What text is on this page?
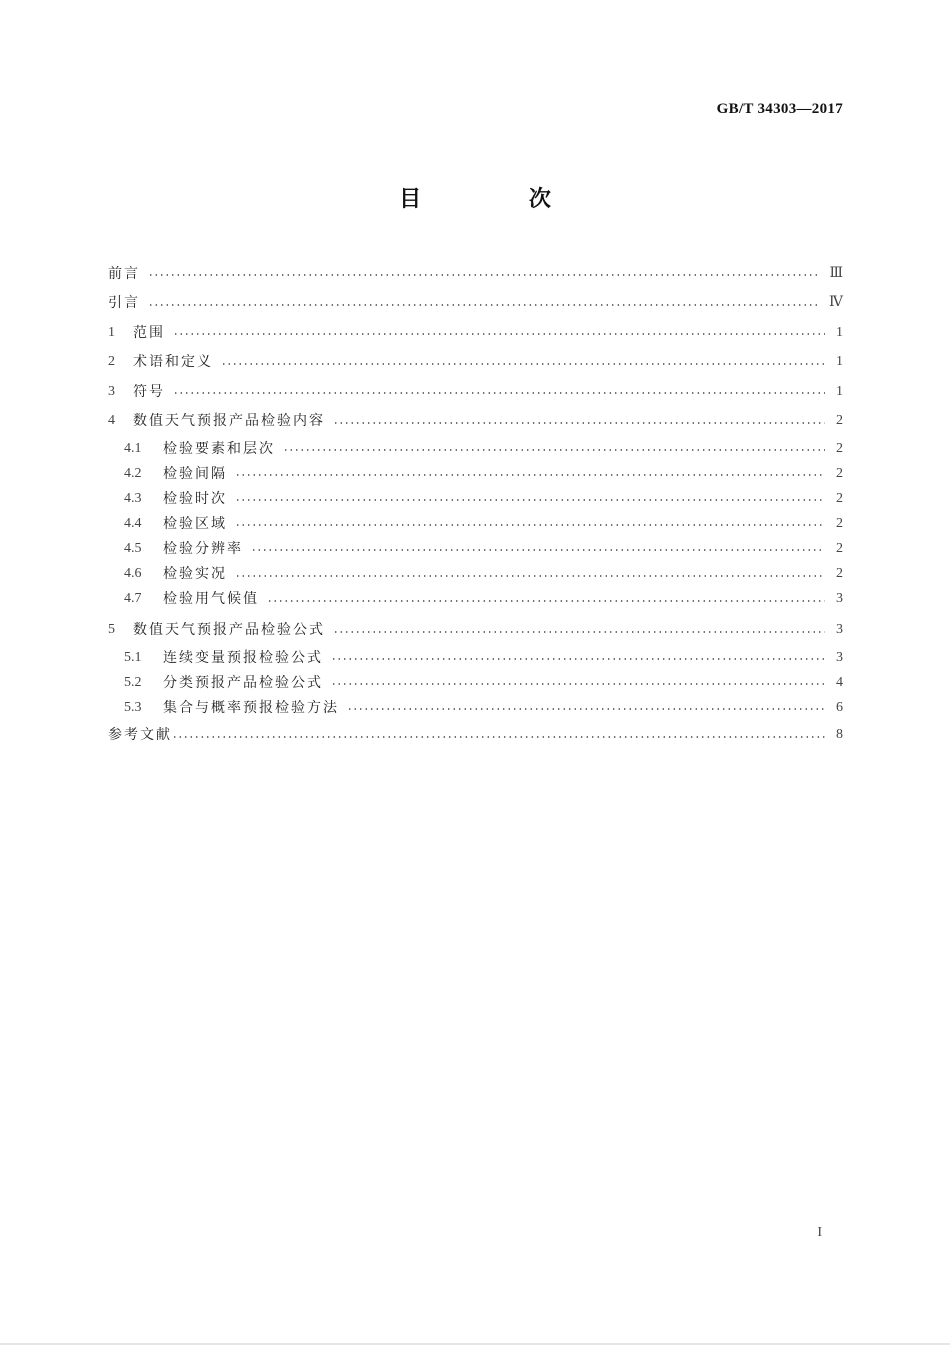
GB/T 34303—2017
目 次
前言	Ⅲ
引言	Ⅳ
1	范围	1
2	术语和定义	1
3	符号	1
4	数值天气预报产品检验内容	2
4.1	检验要素和层次	2
4.2	检验间隔	2
4.3	检验时次	2
4.4	检验区域	2
4.5	检验分辨率	2
4.6	检验实况	2
4.7	检验用气候值	3
5	数值天气预报产品检验公式	3
5.1	连续变量预报检验公式	3
5.2	分类预报产品检验公式	4
5.3	集合与概率预报检验方法	6
参考文献	8
I
